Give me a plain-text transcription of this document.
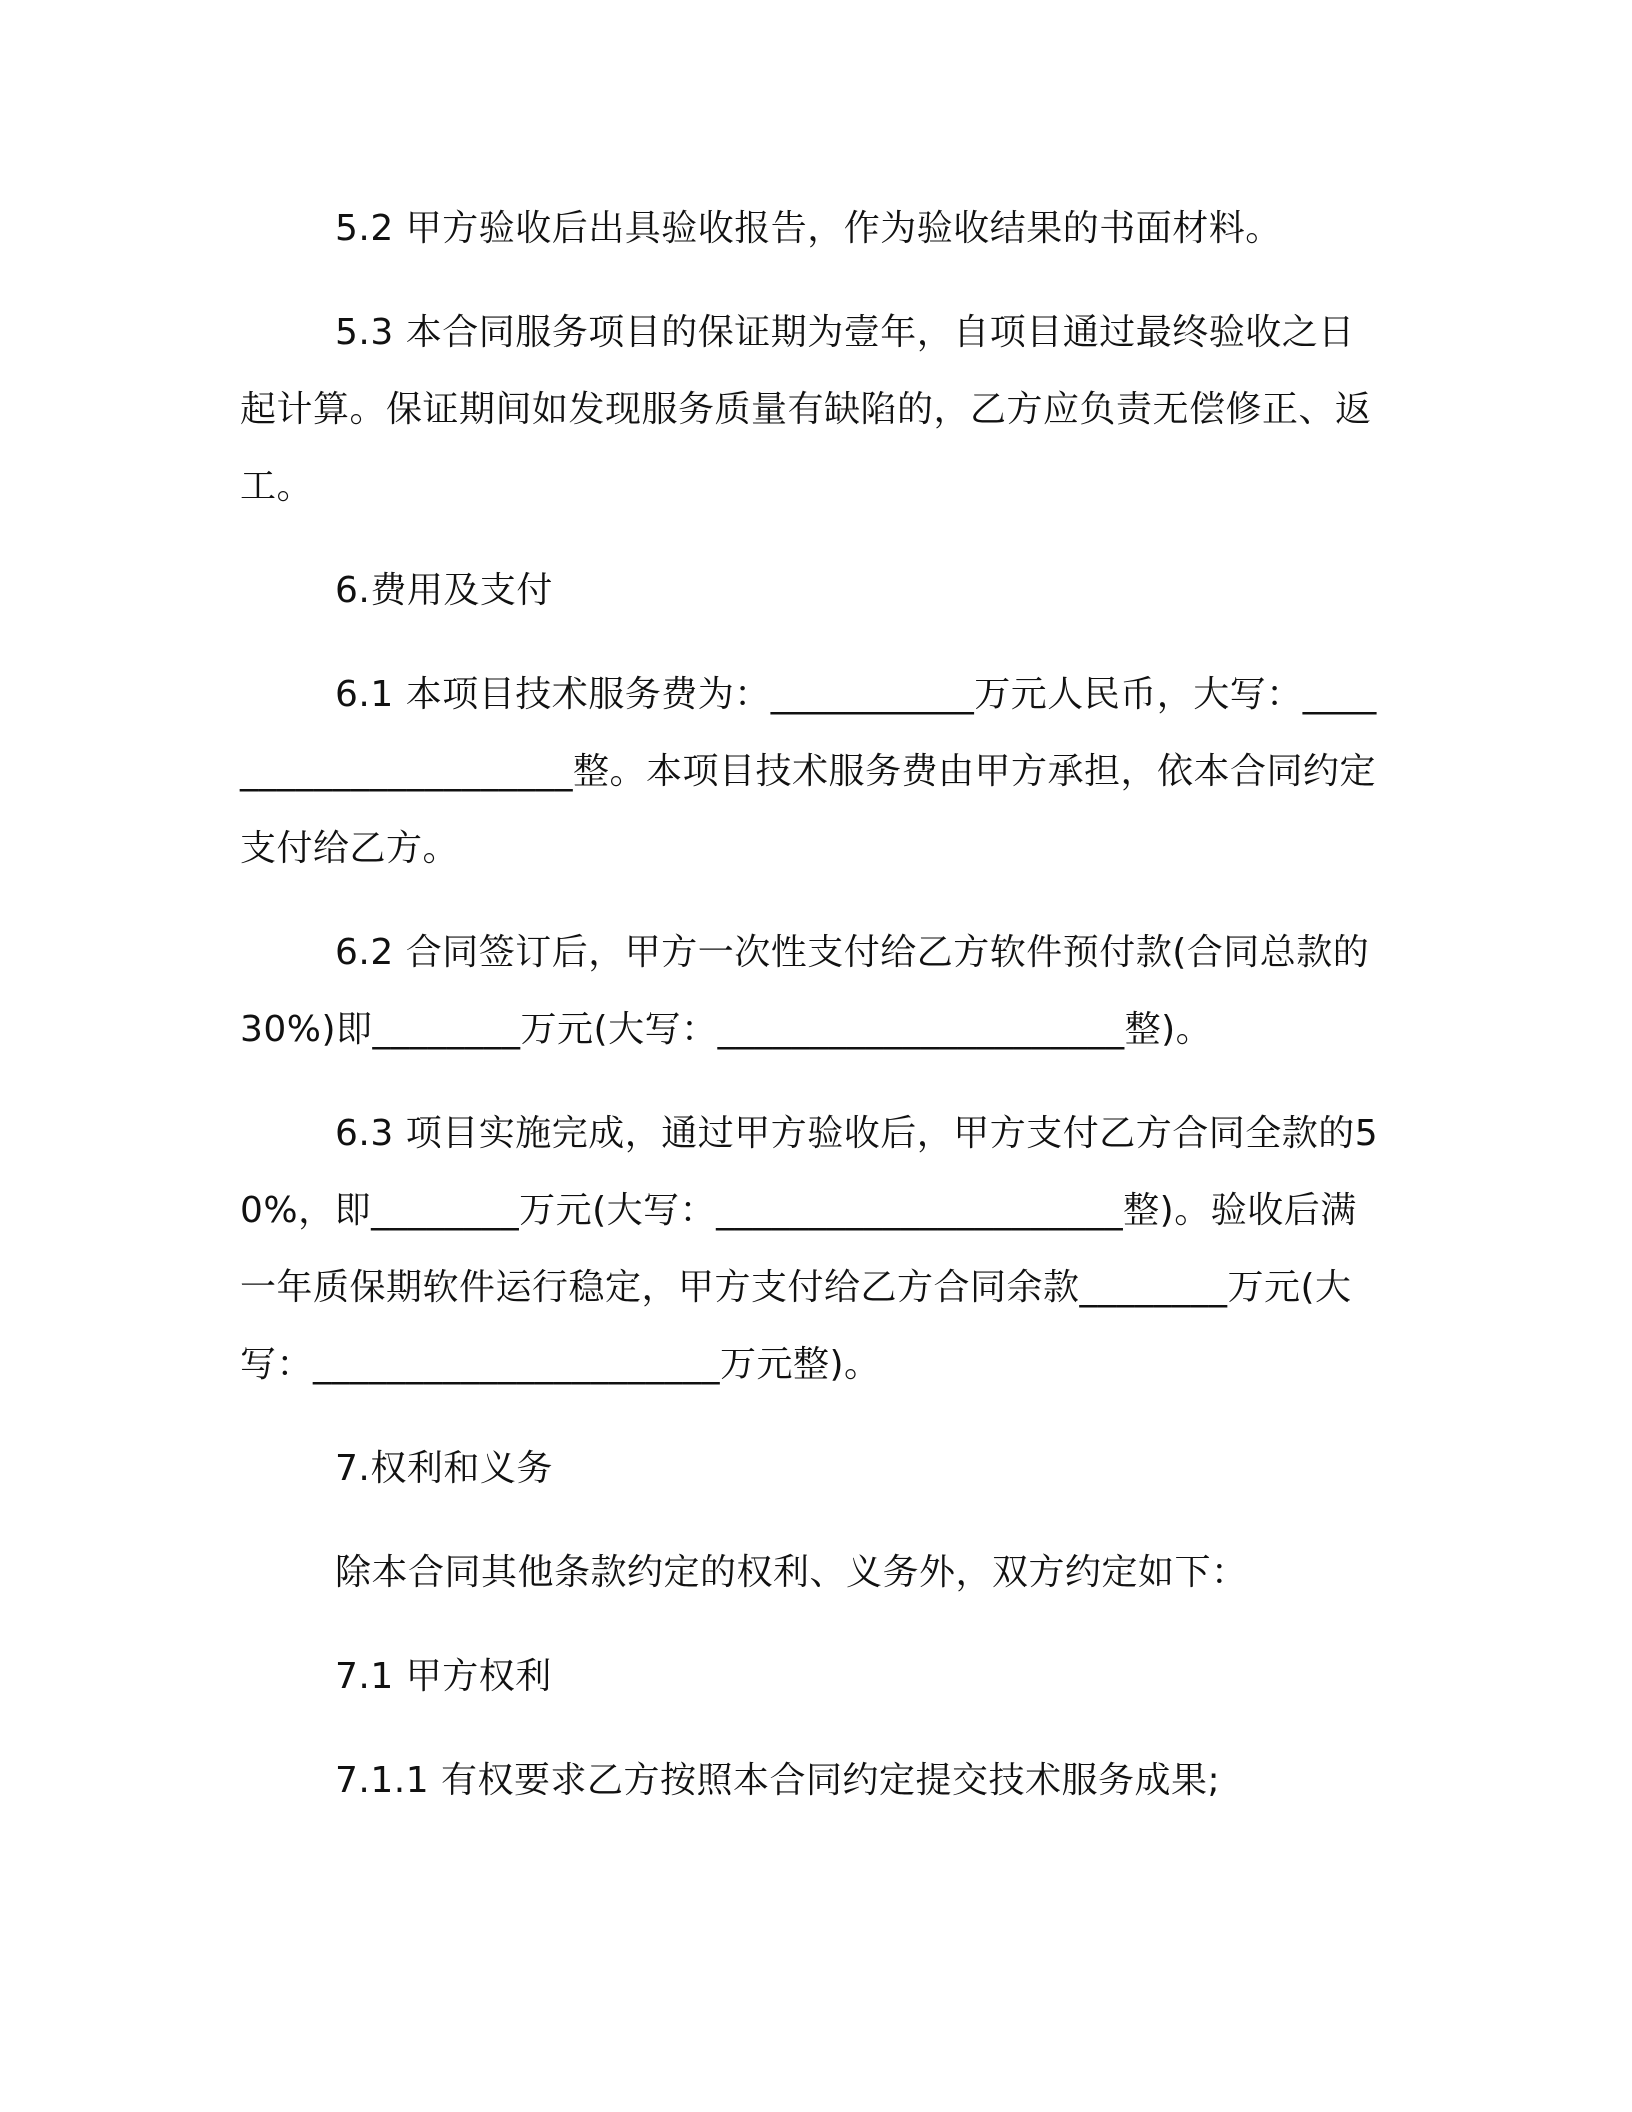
5.2 甲方验收后出具验收报告，作为验收结果的书面材料。

5.3 本合同服务项目的保证期为壹年，自项目通过最终验收之日起计算。保证期间如发现服务质量有缺陷的，乙方应负责无偿修正、返工。

6.费用及支付

6.1 本项目技术服务费为：___________万元人民币，大写：______________________整。本项目技术服务费由甲方承担，依本合同约定支付给乙方。

6.2 合同签订后，甲方一次性支付给乙方软件预付款(合同总款的30%)即________万元(大写：______________________整)。

6.3 项目实施完成，通过甲方验收后，甲方支付乙方合同全款的50%，即________万元(大写：______________________整)。验收后满一年质保期软件运行稳定，甲方支付给乙方合同余款________万元(大写：______________________万元整)。

7.权利和义务

除本合同其他条款约定的权利、义务外，双方约定如下：

7.1 甲方权利

7.1.1 有权要求乙方按照本合同约定提交技术服务成果;
